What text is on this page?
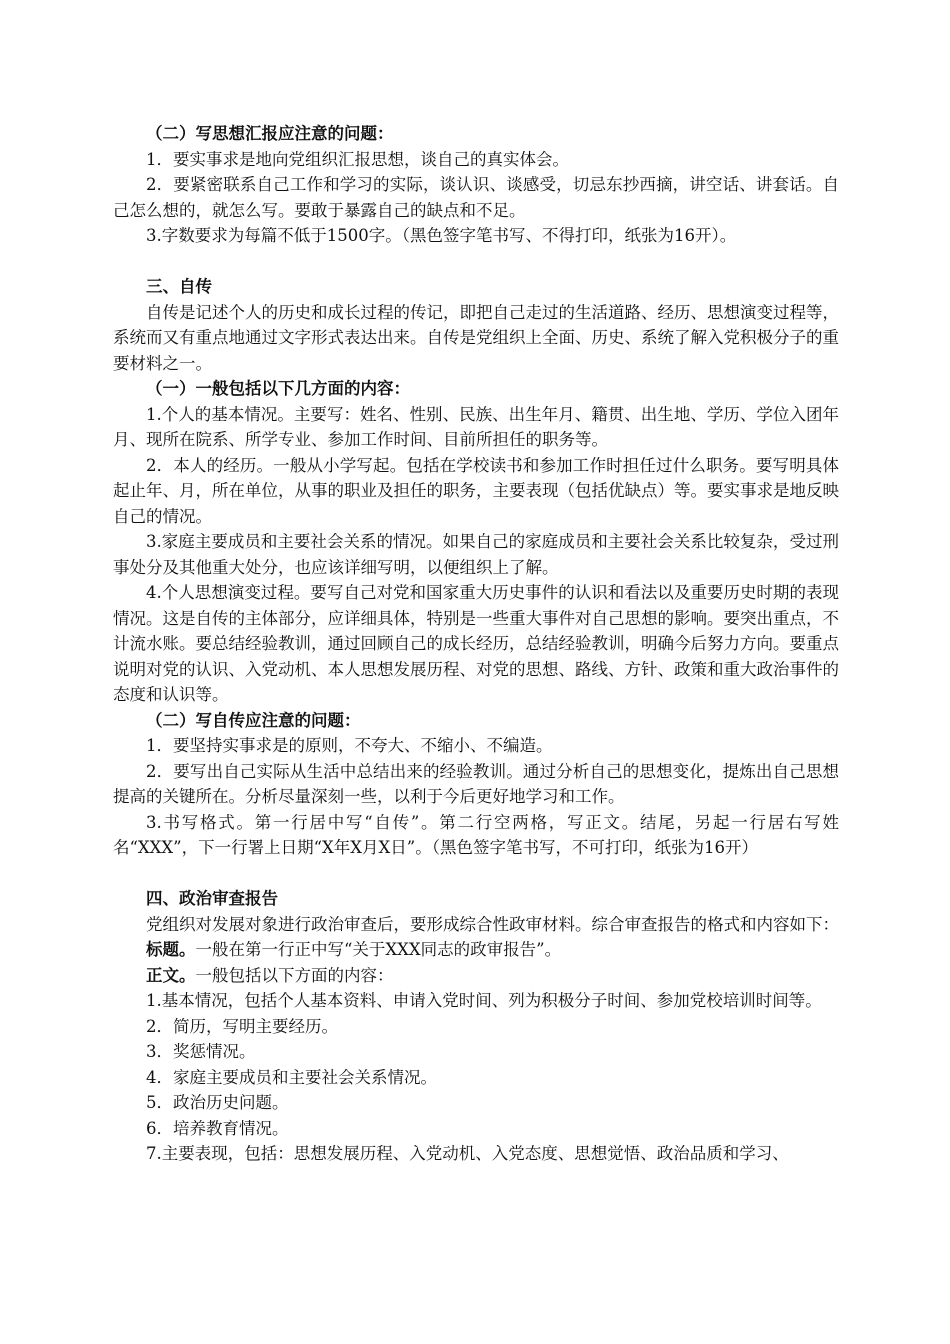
（二）写思想汇报应注意的问题：

1．要实事求是地向党组织汇报思想，谈自己的真实体会。

2．要紧密联系自己工作和学习的实际，谈认识、谈感受，切忌东抄西摘，讲空话、讲套话。自己怎么想的，就怎么写。要敢于暴露自己的缺点和不足。

3.字数要求为每篇不低于1500字。（黑色签字笔书写、不得打印，纸张为16开）。

三、自传

自传是记述个人的历史和成长过程的传记，即把自己走过的生活道路、经历、思想演变过程等，系统而又有重点地通过文字形式表达出来。自传是党组织上全面、历史、系统了解入党积极分子的重要材料之一。

（一）一般包括以下几方面的内容：

1.个人的基本情况。主要写：姓名、性别、民族、出生年月、籍贯、出生地、学历、学位入团年月、现所在院系、所学专业、参加工作时间、目前所担任的职务等。

2．本人的经历。一般从小学写起。包括在学校读书和参加工作时担任过什么职务。要写明具体起止年、月，所在单位，从事的职业及担任的职务，主要表现（包括优缺点）等。要实事求是地反映自己的情况。

3.家庭主要成员和主要社会关系的情况。如果自己的家庭成员和主要社会关系比较复杂，受过刑事处分及其他重大处分，也应该详细写明，以便组织上了解。

4.个人思想演变过程。要写自己对党和国家重大历史事件的认识和看法以及重要历史时期的表现情况。这是自传的主体部分，应详细具体，特别是一些重大事件对自己思想的影响。要突出重点，不计流水账。要总结经验教训，通过回顾自己的成长经历，总结经验教训，明确今后努力方向。要重点说明对党的认识、入党动机、本人思想发展历程、对党的思想、路线、方针、政策和重大政治事件的态度和认识等。

（二）写自传应注意的问题：

1．要坚持实事求是的原则，不夸大、不缩小、不编造。

2．要写出自己实际从生活中总结出来的经验教训。通过分析自己的思想变化，提炼出自己思想提高的关键所在。分析尽量深刻一些，以利于今后更好地学习和工作。

3.书写格式。第一行居中写“自传”。第二行空两格，写正文。结尾，另起一行居右写姓名“XXX”，下一行署上日期“X年X月X日”。（黑色签字笔书写，不可打印，纸张为16开）

四、政治审查报告

党组织对发展对象进行政治审查后，要形成综合性政审材料。综合审查报告的格式和内容如下：

标题。一般在第一行正中写“关于XXX同志的政审报告”。

正文。一般包括以下方面的内容：

1.基本情况，包括个人基本资料、申请入党时间、列为积极分子时间、参加党校培训时间等。

2．简历，写明主要经历。

3．奖惩情况。

4．家庭主要成员和主要社会关系情况。

5．政治历史问题。

6．培养教育情况。

7.主要表现，包括：思想发展历程、入党动机、入党态度、思想觉悟、政治品质和学习、
